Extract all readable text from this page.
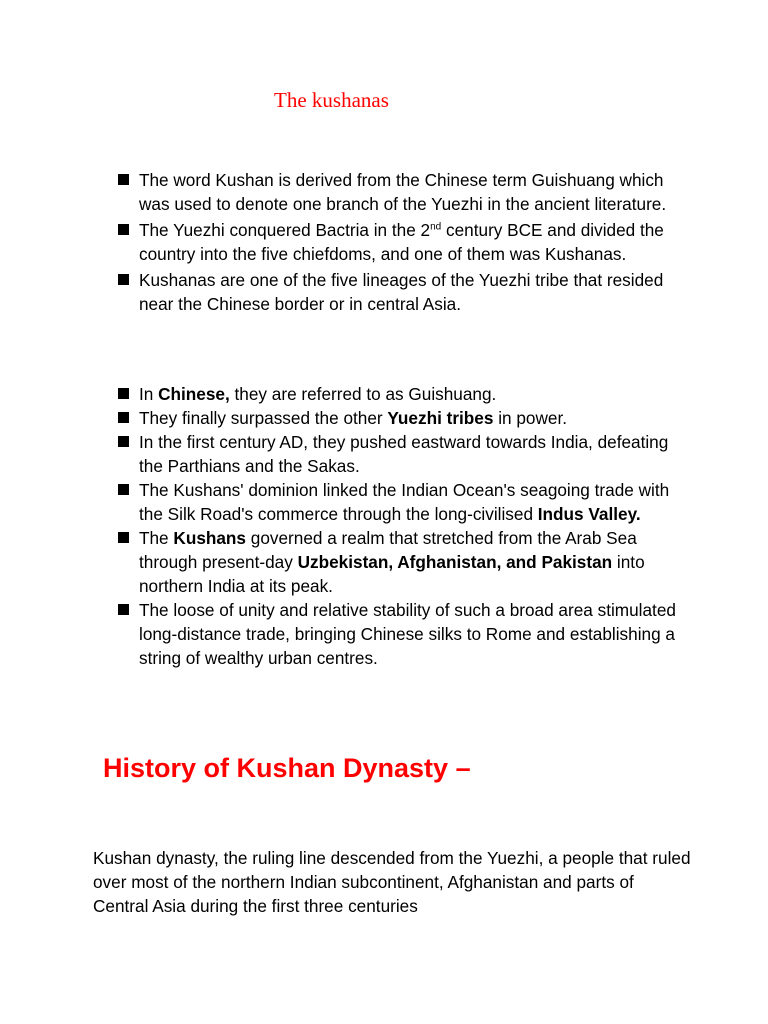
The kushanas
The word Kushan is derived from the Chinese term Guishuang which was used to denote one branch of the Yuezhi in the ancient literature.
The Yuezhi conquered Bactria in the 2nd century BCE and divided the country into the five chiefdoms, and one of them was Kushanas.
Kushanas are one of the five lineages of the Yuezhi tribe that resided near the Chinese border or in central Asia.
In Chinese, they are referred to as Guishuang.
They finally surpassed the other Yuezhi tribes in power.
In the first century AD, they pushed eastward towards India, defeating the Parthians and the Sakas.
The Kushans' dominion linked the Indian Ocean's seagoing trade with the Silk Road's commerce through the long-civilised Indus Valley.
The Kushans governed a realm that stretched from the Arab Sea through present-day Uzbekistan, Afghanistan, and Pakistan into northern India at its peak.
The loose of unity and relative stability of such a broad area stimulated long-distance trade, bringing Chinese silks to Rome and establishing a string of wealthy urban centres.
History of Kushan Dynasty –

Kushan dynasty, the ruling line descended from the Yuezhi, a people that ruled over most of the northern Indian subcontinent, Afghanistan and parts of Central Asia during the first three centuries
